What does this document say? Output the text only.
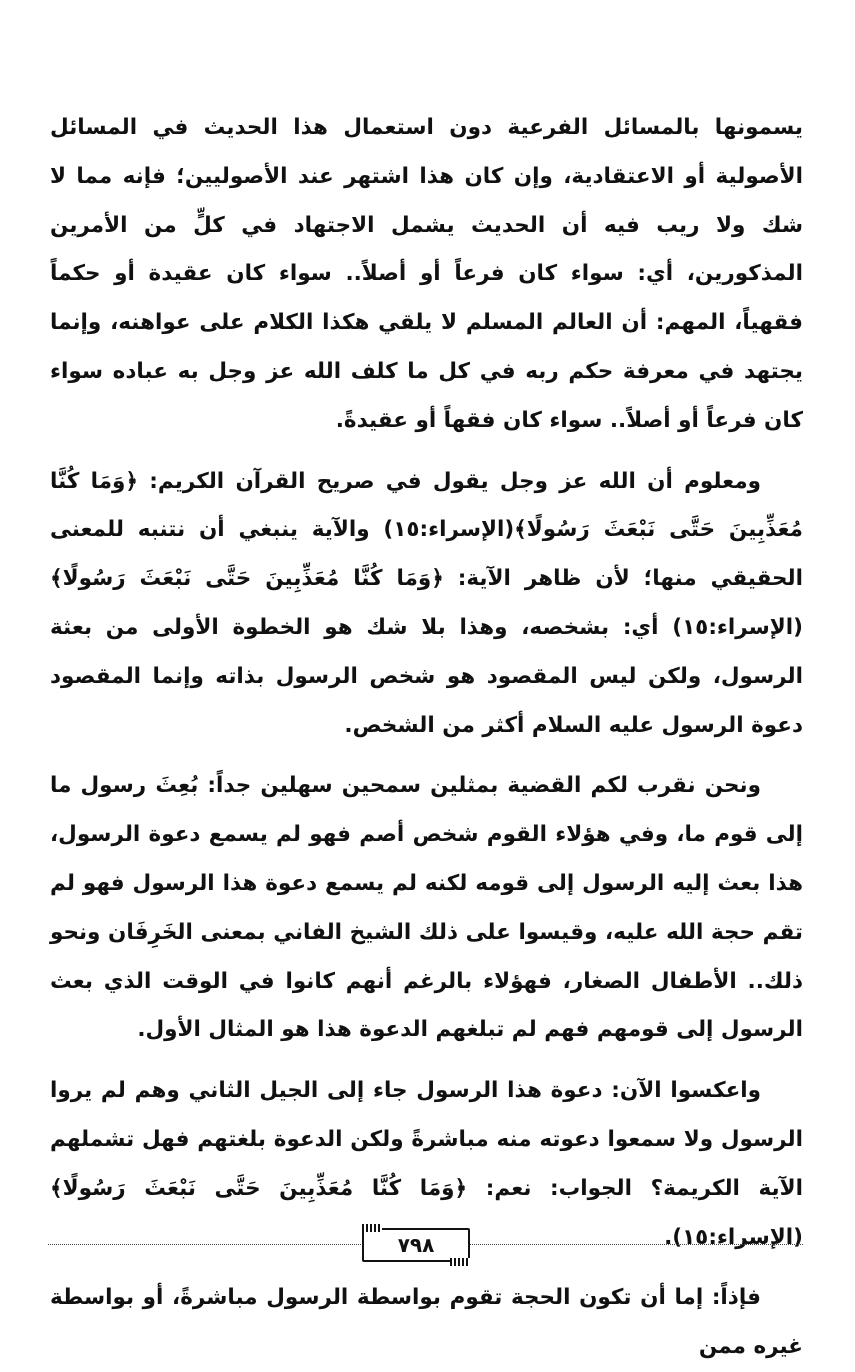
يسمونها بالمسائل الفرعية دون استعمال هذا الحديث في المسائل الأصولية أو الاعتقادية، وإن كان هذا اشتهر عند الأصوليين؛ فإنه مما لا شك ولا ريب فيه أن الحديث يشمل الاجتهاد في كلٍّ من الأمرين المذكورين، أي: سواء كان فرعاً أو أصلاً.. سواء كان عقيدة أو حكماً فقهياً، المهم: أن العالم المسلم لا يلقي هكذا الكلام على عواهنه، وإنما يجتهد في معرفة حكم ربه في كل ما كلف الله عز وجل به عباده سواء كان فرعاً أو أصلاً.. سواء كان فقهاً أو عقيدةً.

ومعلوم أن الله عز وجل يقول في صريح القرآن الكريم: ﴿وَمَا كُنَّا مُعَذِّبِينَ حَتَّى نَبْعَثَ رَسُولًا﴾(الإسراء:١٥) والآية ينبغي أن نتنبه للمعنى الحقيقي منها؛ لأن ظاهر الآية: ﴿وَمَا كُنَّا مُعَذِّبِينَ حَتَّى نَبْعَثَ رَسُولًا﴾(الإسراء:١٥) أي: بشخصه، وهذا بلا شك هو الخطوة الأولى من بعثة الرسول، ولكن ليس المقصود هو شخص الرسول بذاته وإنما المقصود دعوة الرسول عليه السلام أكثر من الشخص.

ونحن نقرب لكم القضية بمثلين سمحين سهلين جداً: بُعِثَ رسول ما إلى قوم ما، وفي هؤلاء القوم شخص أصم فهو لم يسمع دعوة الرسول، هذا بعث إليه الرسول إلى قومه لكنه لم يسمع دعوة هذا الرسول فهو لم تقم حجة الله عليه، وقيسوا على ذلك الشيخ الفاني بمعنى الخَرِفَان ونحو ذلك.. الأطفال الصغار، فهؤلاء بالرغم أنهم كانوا في الوقت الذي بعث الرسول إلى قومهم فهم لم تبلغهم الدعوة هذا هو المثال الأول.

واعكسوا الآن: دعوة هذا الرسول جاء إلى الجيل الثاني وهم لم يروا الرسول ولا سمعوا دعوته منه مباشرةً ولكن الدعوة بلغتهم فهل تشملهم الآية الكريمة؟ الجواب: نعم: ﴿وَمَا كُنَّا مُعَذِّبِينَ حَتَّى نَبْعَثَ رَسُولًا﴾(الإسراء:١٥).

فإذاً: إما أن تكون الحجة تقوم بواسطة الرسول مباشرةً، أو بواسطة غيره ممن

٧٩٨
